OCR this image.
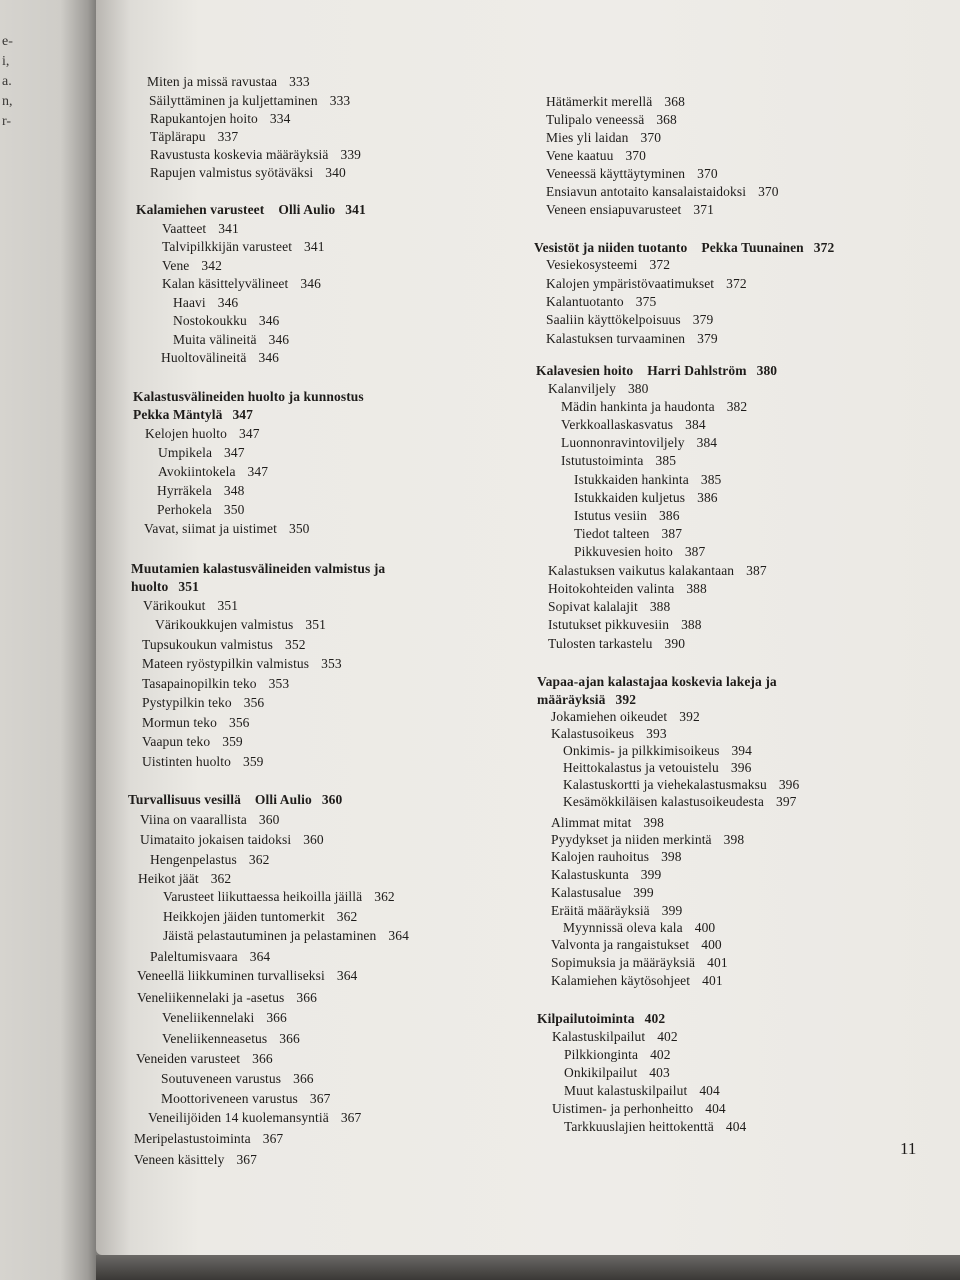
e-
i,
a.
n,
r-
Miten ja missä ravustaa 333
Säilyttäminen ja kuljettaminen 333
Rapukantojen hoito 334
Täplärapu 337
Ravustusta koskevia määräyksiä 339
Rapujen valmistus syötäväksi 340
Kalamiehen varusteet Olli Aulio 341
Vaatteet 341
Talvipilkkijän varusteet 341
Vene 342
Kalan käsittelyvälineet 346
Haavi 346
Nostokoukku 346
Muita välineitä 346
Huoltovälineitä 346
Kalastusvälineiden huolto ja kunnostus
Pekka Mäntylä 347
Kelojen huolto 347
Umpikela 347
Avokiintokela 347
Hyrräkela 348
Perhokela 350
Vavat, siimat ja uistimet 350
Muutamien kalastusvälineiden valmistus ja
huolto 351
Värikoukut 351
Värikoukkujen valmistus 351
Tupsukoukun valmistus 352
Mateen ryöstypilkin valmistus 353
Tasapainopilkin teko 353
Pystypilkin teko 356
Mormun teko 356
Vaapun teko 359
Uistinten huolto 359
Turvallisuus vesillä Olli Aulio 360
Viina on vaarallista 360
Uimataito jokaisen taidoksi 360
Hengenpelastus 362
Heikot jäät 362
Varusteet liikuttaessa heikoilla jäillä 362
Heikkojen jäiden tuntomerkit 362
Jäistä pelastautuminen ja pelastaminen 364
Paleltumisvaara 364
Veneellä liikkuminen turvalliseksi 364
Veneliikennelaki ja -asetus 366
Veneliikennelaki 366
Veneliikenneasetus 366
Veneiden varusteet 366
Soutuveneen varustus 366
Moottoriveneen varustus 367
Veneilijöiden 14 kuolemansyntiä 367
Meripelastustoiminta 367
Veneen käsittely 367
Hätämerkit merellä 368
Tulipalo veneessä 368
Mies yli laidan 370
Vene kaatuu 370
Veneessä käyttäytyminen 370
Ensiavun antotaito kansalaistaidoksi 370
Veneen ensiapuvarusteet 371
Vesistöt ja niiden tuotanto Pekka Tuunainen 372
Vesiekosysteemi 372
Kalojen ympäristövaatimukset 372
Kalantuotanto 375
Saaliin käyttökelpoisuus 379
Kalastuksen turvaaminen 379
Kalavesien hoito Harri Dahlström 380
Kalanviljely 380
Mädin hankinta ja haudonta 382
Verkkoallaskasvatus 384
Luonnonravintoviljely 384
Istutustoiminta 385
Istukkaiden hankinta 385
Istukkaiden kuljetus 386
Istutus vesiin 386
Tiedot talteen 387
Pikkuvesien hoito 387
Kalastuksen vaikutus kalakantaan 387
Hoitokohteiden valinta 388
Sopivat kalalajit 388
Istutukset pikkuvesiin 388
Tulosten tarkastelu 390
Vapaa-ajan kalastajaa koskevia lakeja ja
määräyksiä 392
Jokamiehen oikeudet 392
Kalastusoikeus 393
Onkimis- ja pilkkimisoikeus 394
Heittokalastus ja vetouistelu 396
Kalastuskortti ja viehekalastusmaksu 396
Kesämökkiläisen kalastusoikeudesta 397
Alimmat mitat 398
Pyydykset ja niiden merkintä 398
Kalojen rauhoitus 398
Kalastuskunta 399
Kalastusalue 399
Eräitä määräyksiä 399
Myynnissä oleva kala 400
Valvonta ja rangaistukset 400
Sopimuksia ja määräyksiä 401
Kalamiehen käytösohjeet 401
Kilpailutoiminta 402
Kalastuskilpailut 402
Pilkkionginta 402
Onkikilpailut 403
Muut kalastuskilpailut 404
Uistimen- ja perhonheitto 404
Tarkkuuslajien heittokenttä 404
11
